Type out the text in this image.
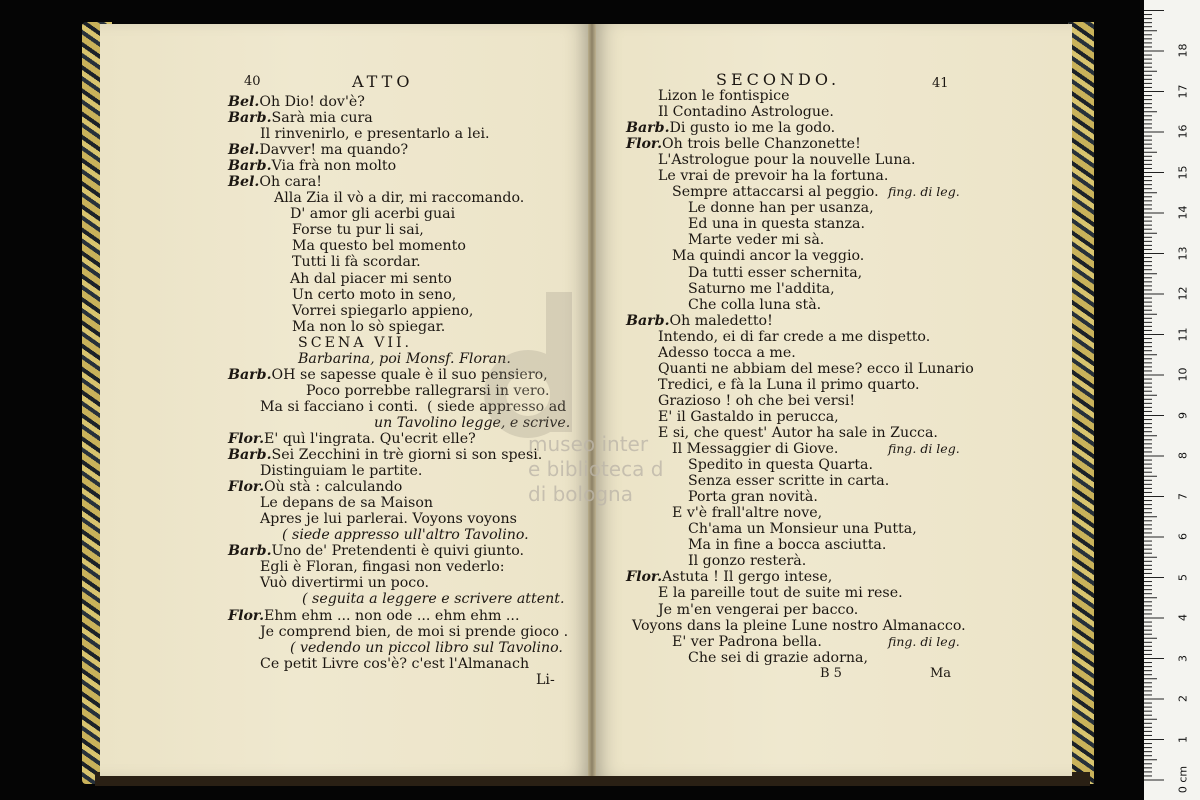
40	ATTO
Bel.Oh Dio! dov'è?
Barb.Sarà mia cura
Il rinvenirlo, e presentarlo a lei.
Bel.Davver! ma quando?
Barb.Via frà non molto
Bel.Oh cara!
Alla Zia il vò a dir, mi raccomando.
D' amor gli acerbi guai
Forse tu pur li sai,
Ma questo bel momento
Tutti li fà scordar.
Ah dal piacer mi sento
Un certo moto in seno,
Vorrei spiegarlo appieno,
Ma non lo sò spiegar.
SCENA VII.
Barbarina, poi Monsf. Floran.
Barb.OH se sapesse quale è il suo pensiero,
Poco porrebbe rallegrarsi in vero.
Ma si facciano i conti.  ( siede appresso ad
un Tavolino legge, e scrive.
Flor.E' quì l'ingrata. Qu'ecrit elle?
Barb.Sei Zecchini in trè giorni si son spesi.
Distinguiam le partite.
Flor.Où stà : calculando
Le depans de sa Maison
Apres je lui parlerai. Voyons voyons
( siede appresso ull'altro Tavolino.
Barb.Uno de' Pretendenti è quivi giunto.
Egli è Floran, fingasi non vederlo:
Vuò divertirmi un poco.
( seguita a leggere e scrivere attent.
Flor.Ehm ehm ... non ode ... ehm ehm ...
Je comprend bien, de moi si prende gioco .
( vedendo un piccol libro sul Tavolino.
Ce petit Livre cos'è? c'est l'Almanach
Li-
SECONDO.	41
Lizon le fontispice
Il Contadino Astrologue.
Barb.Di gusto io me la godo.
Flor.Oh trois belle Chanzonette!
L'Astrologue pour la nouvelle Luna.
Le vrai de prevoir ha la fortuna.
Sempre attaccarsi al peggio. fing. di leg.
Le donne han per usanza,
Ed una in questa stanza.
Marte veder mi sà.
Ma quindi ancor la veggio.
Da tutti esser schernita,
Saturno me l'addita,
Che colla luna stà.
Barb.Oh maledetto!
Intendo, ei di far crede a me dispetto.
Adesso tocca a me.
Quanti ne abbiam del mese? ecco il Lunario
Tredici, e fà la Luna il primo quarto.
Grazioso ! oh che bei versi!
E' il Gastaldo in perucca,
E si, che quest' Autor ha sale in Zucca.
Il Messaggier di Giove.	fing. di leg.
Spedito in questa Quarta.
Senza esser scritte in carta.
Porta gran novità.
E v'è frall'altre nove,
Ch'ama un Monsieur una Putta,
Ma in fine a bocca asciutta.
Il gonzo resterà.
Flor.Astuta ! Il gergo intese,
E la pareille tout de suite mi rese.
Je m'en vengerai per bacco.
Voyons dans la pleine Lune nostro Almanacco.
E' ver Padrona bella.	fing. di leg.
Che sei di grazie adorna,
B 5	Ma
museo inter
e biblioteca d
di bologna
0 cm
1
2
3
4
5
6
7
8
9
10
11
12
13
14
15
16
17
18
